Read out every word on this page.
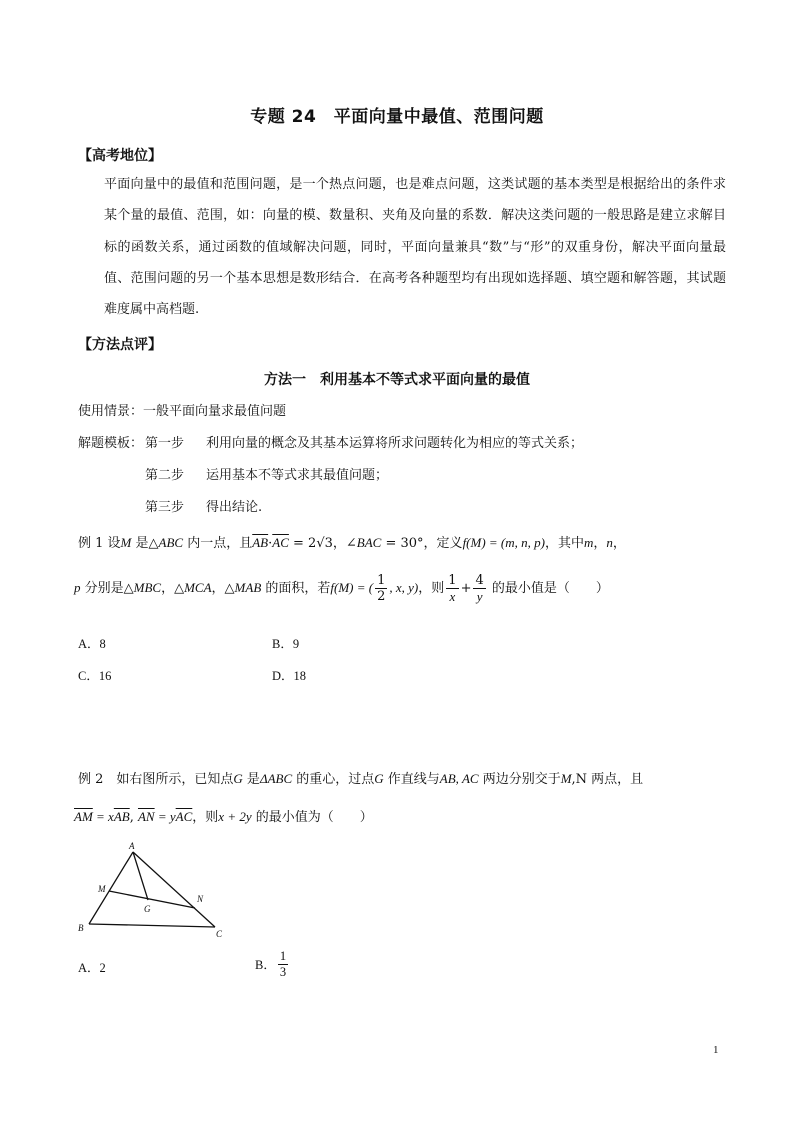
专题 24　平面向量中最值、范围问题
【高考地位】
平面向量中的最值和范围问题，是一个热点问题，也是难点问题，这类试题的基本类型是根据给出的条件求某个量的最值、范围，如：向量的模、数量积、夹角及向量的系数．解决这类问题的一般思路是建立求解目标的函数关系，通过函数的值域解决问题，同时，平面向量兼具“数”与“形”的双重身份，解决平面向量最值、范围问题的另一个基本思想是数形结合．在高考各种题型均有出现如选择题、填空题和解答题，其试题难度属中高档题.
【方法点评】
方法一　利用基本不等式求平面向量的最值
使用情景：一般平面向量求最值问题
解题模板： 第一步 利用向量的概念及其基本运算将所求问题转化为相应的等式关系；
第二步 运用基本不等式求其最值问题；
第三步 得出结论.
例 1 设M 是△ABC 内一点，且$\overline{AB}\cdot\overline{AC} = 2√3$，∠BAC = 30°，定义f(M) = (m, n, p)，其中m，n，
p 分别是△MBC，△MCA，△MAB 的面积，若f(M) = ( $\frac{1}{2}$ , x, y)，则 $\frac{1}{x} + \frac{4}{y}$ 的最小值是（　　）
A．8	B．9
C．16	D．18
例 2　如右图所示，已知点G 是ΔABC 的重心，过点G 作直线与AB, AC 两边分别交于M,N 两点，且
$\overline{AM} = x\overline{AB}$, $\overline{AN} = y\overline{AC}$，则x + 2y 的最小值为（　　）
A
B
C
M
N
G
A．2	B． $\frac{1}{3}$
1
